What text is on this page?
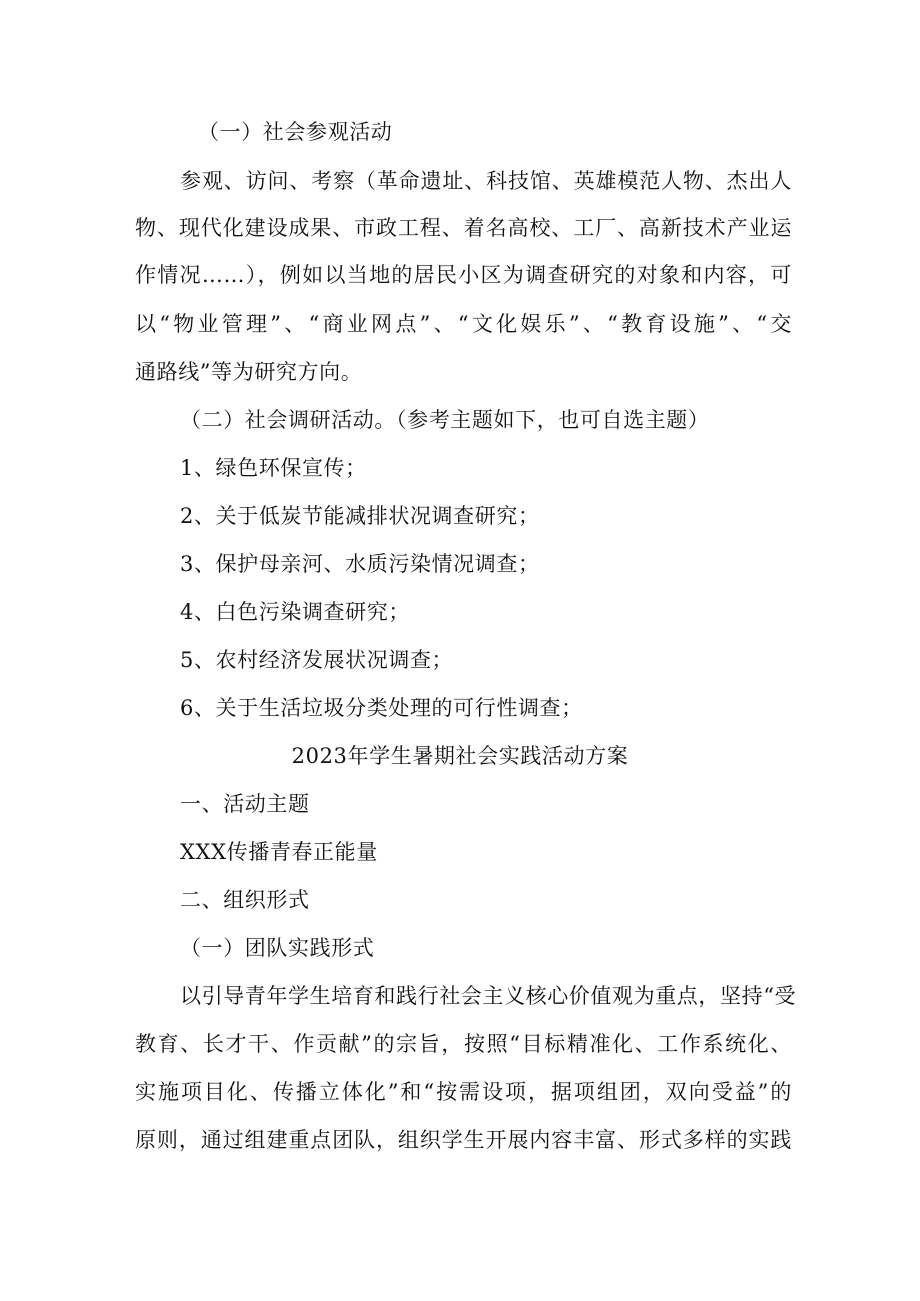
（一）社会参观活动

参观、访问、考察（革命遗址、科技馆、英雄模范人物、杰出人

物、现代化建设成果、市政工程、着名高校、工厂、高新技术产业运

作情况……），例如以当地的居民小区为调查研究的对象和内容，可

以“物业管理”、“商业网点”、“文化娱乐”、“教育设施”、“交

通路线”等为研究方向。

（二）社会调研活动。（参考主题如下，也可自选主题）

1、绿色环保宣传；

2、关于低炭节能减排状况调查研究；

3、保护母亲河、水质污染情况调查；

4、白色污染调查研究；

5、农村经济发展状况调查；

6、关于生活垃圾分类处理的可行性调查；

2023年学生暑期社会实践活动方案

一、活动主题

XXX传播青春正能量

二、组织形式

（一）团队实践形式

以引导青年学生培育和践行社会主义核心价值观为重点，坚持“受

教育、长才干、作贡献”的宗旨，按照“目标精准化、工作系统化、

实施项目化、传播立体化”和“按需设项，据项组团，双向受益”的

原则，通过组建重点团队，组织学生开展内容丰富、形式多样的实践
